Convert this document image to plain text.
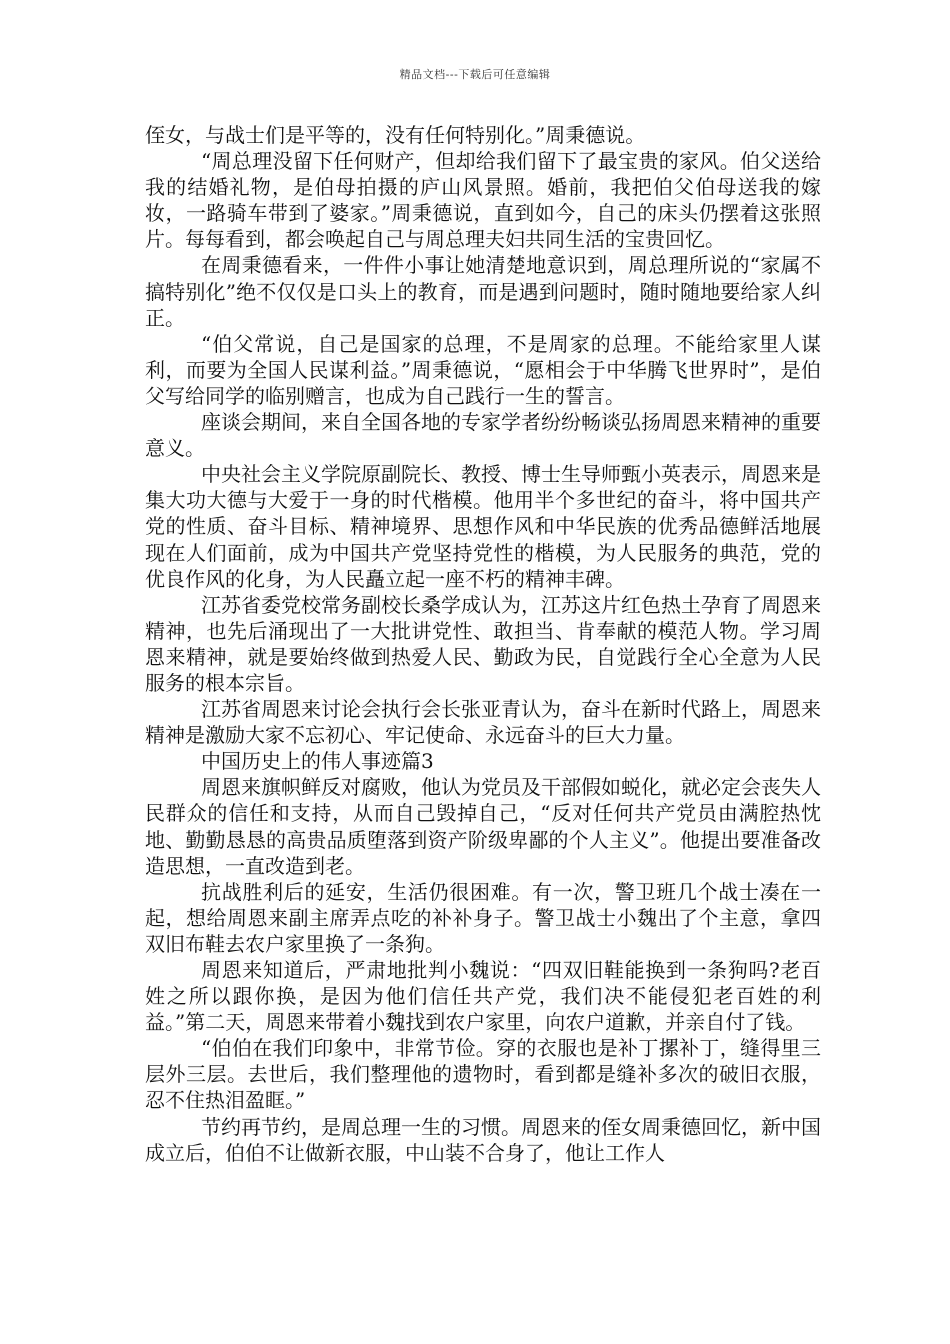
精品文档---下载后可任意编辑

侄女，与战士们是平等的，没有任何特别化。”周秉德说。

“周总理没留下任何财产，但却给我们留下了最宝贵的家风。伯父送给我的结婚礼物，是伯母拍摄的庐山风景照。婚前，我把伯父伯母送我的嫁妆，一路骑车带到了婆家。”周秉德说，直到如今，自己的床头仍摆着这张照片。每每看到，都会唤起自己与周总理夫妇共同生活的宝贵回忆。

在周秉德看来，一件件小事让她清楚地意识到，周总理所说的“家属不搞特别化”绝不仅仅是口头上的教育，而是遇到问题时，随时随地要给家人纠正。

“伯父常说，自己是国家的总理，不是周家的总理。不能给家里人谋利，而要为全国人民谋利益。”周秉德说，“愿相会于中华腾飞世界时”，是伯父写给同学的临别赠言，也成为自己践行一生的誓言。

座谈会期间，来自全国各地的专家学者纷纷畅谈弘扬周恩来精神的重要意义。

中央社会主义学院原副院长、教授、博士生导师甄小英表示，周恩来是集大功大德与大爱于一身的时代楷模。他用半个多世纪的奋斗，将中国共产党的性质、奋斗目标、精神境界、思想作风和中华民族的优秀品德鲜活地展现在人们面前，成为中国共产党坚持党性的楷模，为人民服务的典范，党的优良作风的化身，为人民矗立起一座不朽的精神丰碑。

江苏省委党校常务副校长桑学成认为，江苏这片红色热土孕育了周恩来精神，也先后涌现出了一大批讲党性、敢担当、肯奉献的模范人物。学习周恩来精神，就是要始终做到热爱人民、勤政为民，自觉践行全心全意为人民服务的根本宗旨。

江苏省周恩来讨论会执行会长张亚青认为，奋斗在新时代路上，周恩来精神是激励大家不忘初心、牢记使命、永远奋斗的巨大力量。

中国历史上的伟人事迹篇3

周恩来旗帜鲜反对腐败，他认为党员及干部假如蜕化，就必定会丧失人民群众的信任和支持，从而自己毁掉自己，“反对任何共产党员由满腔热忱地、勤勤恳恳的高贵品质堕落到资产阶级卑鄙的个人主义”。他提出要准备改造思想，一直改造到老。

抗战胜利后的延安，生活仍很困难。有一次，警卫班几个战士凑在一起，想给周恩来副主席弄点吃的补补身子。警卫战士小魏出了个主意，拿四双旧布鞋去农户家里换了一条狗。

周恩来知道后，严肃地批判小魏说：“四双旧鞋能换到一条狗吗?老百姓之所以跟你换，是因为他们信任共产党，我们决不能侵犯老百姓的利益。”第二天，周恩来带着小魏找到农户家里，向农户道歉，并亲自付了钱。

“伯伯在我们印象中，非常节俭。穿的衣服也是补丁摞补丁，缝得里三层外三层。去世后，我们整理他的遗物时，看到都是缝补多次的破旧衣服，忍不住热泪盈眶。”

节约再节约，是周总理一生的习惯。周恩来的侄女周秉德回忆，新中国成立后，伯伯不让做新衣服，中山装不合身了，他让工作人
